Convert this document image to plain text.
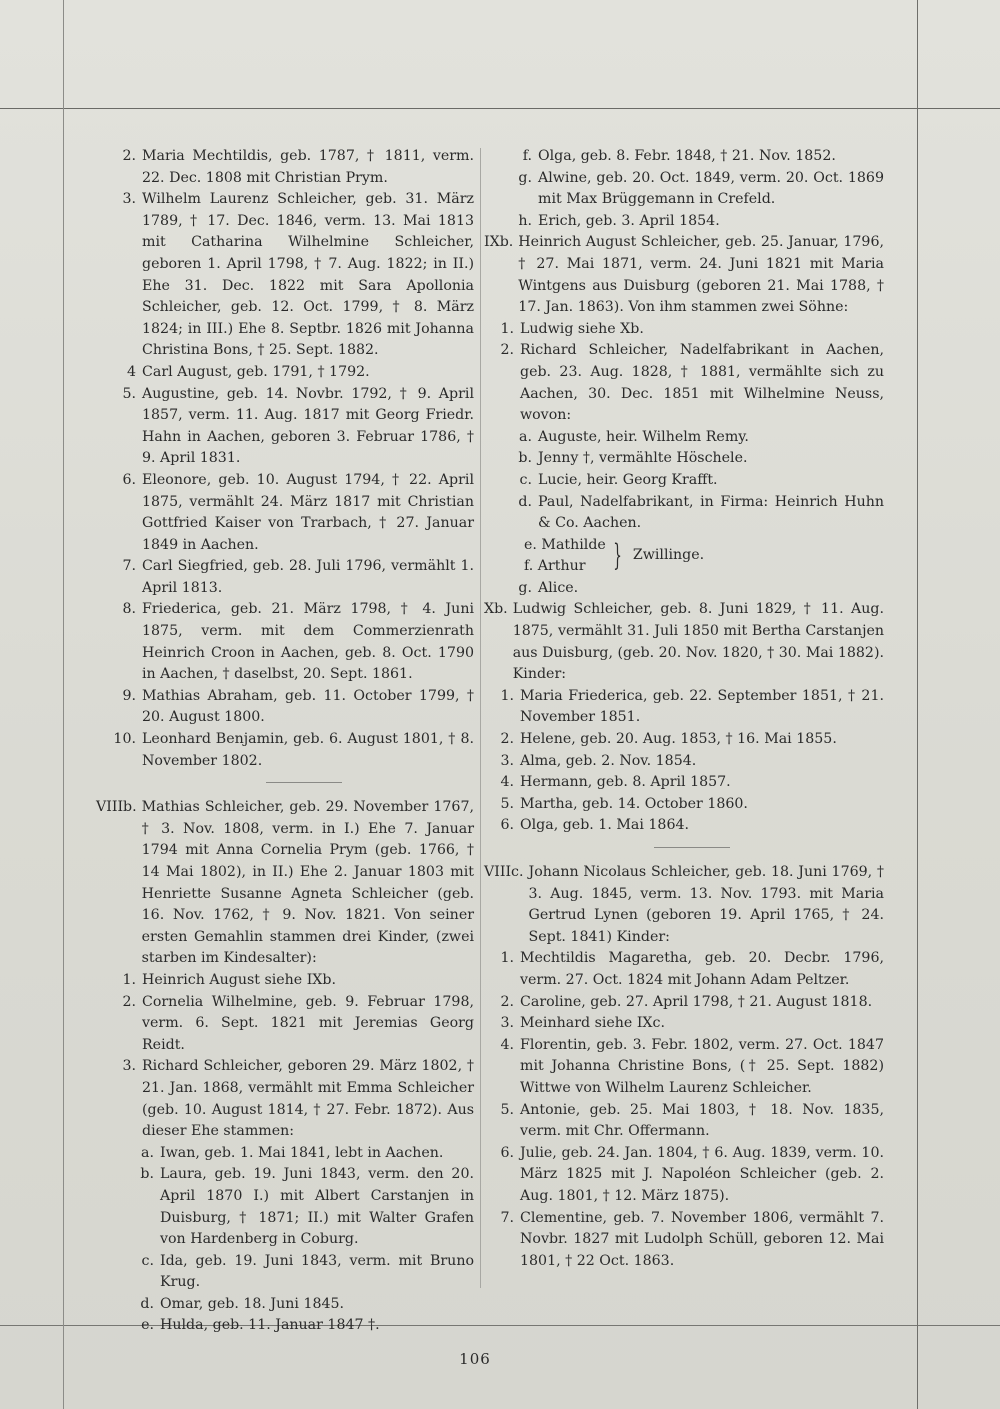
2. Maria Mechtildis, geb. 1787, † 1811, verm. 22. Dec. 1808 mit Christian Prym.
3. Wilhelm Laurenz Schleicher, geb. 31. März 1789, † 17. Dec. 1846, verm. 13. Mai 1813 mit Catharina Wilhelmine Schleicher, geboren 1. April 1798, † 7. Aug. 1822; in II.) Ehe 31. Dec. 1822 mit Sara Apollonia Schleicher, geb. 12. Oct. 1799, † 8. März 1824; in III.) Ehe 8. Septbr. 1826 mit Johanna Christina Bons, † 25. Sept. 1882.
4 Carl August, geb. 1791, † 1792.
5. Augustine, geb. 14. Novbr. 1792, † 9. April 1857, verm. 11. Aug. 1817 mit Georg Friedr. Hahn in Aachen, geboren 3. Februar 1786, † 9. April 1831.
6. Eleonore, geb. 10. August 1794, † 22. April 1875, vermählt 24. März 1817 mit Christian Gottfried Kaiser von Trarbach, † 27. Januar 1849 in Aachen.
7. Carl Siegfried, geb. 28. Juli 1796, vermählt 1. April 1813.
8. Friederica, geb. 21. März 1798, † 4. Juni 1875, verm. mit dem Commerzienrath Heinrich Croon in Aachen, geb. 8. Oct. 1790 in Aachen, † daselbst, 20. Sept. 1861.
9. Mathias Abraham, geb. 11. October 1799, † 20. August 1800.
10. Leonhard Benjamin, geb. 6. August 1801, † 8. November 1802.
VIIIb. Mathias Schleicher, geb. 29. November 1767, † 3. Nov. 1808, verm. in I.) Ehe 7. Januar 1794 mit Anna Cornelia Prym (geb. 1766, † 14 Mai 1802), in II.) Ehe 2. Januar 1803 mit Henriette Susanne Agneta Schleicher (geb. 16. Nov. 1762, † 9. Nov. 1821. Von seiner ersten Gemahlin stammen drei Kinder, (zwei starben im Kindesalter):
1. Heinrich August siehe IXb.
2. Cornelia Wilhelmine, geb. 9. Februar 1798, verm. 6. Sept. 1821 mit Jeremias Georg Reidt.
3. Richard Schleicher, geboren 29. März 1802, † 21. Jan. 1868, vermählt mit Emma Schleicher (geb. 10. August 1814, † 27. Febr. 1872). Aus dieser Ehe stammen:
a. Iwan, geb. 1. Mai 1841, lebt in Aachen.
b. Laura, geb. 19. Juni 1843, verm. den 20. April 1870 I.) mit Albert Carstanjen in Duisburg, † 1871; II.) mit Walter Grafen von Hardenberg in Coburg.
c. Ida, geb. 19. Juni 1843, verm. mit Bruno Krug.
d. Omar, geb. 18. Juni 1845.
e. Hulda, geb. 11. Januar 1847 †.
f. Olga, geb. 8. Febr. 1848, † 21. Nov. 1852.
g. Alwine, geb. 20. Oct. 1849, verm. 20. Oct. 1869 mit Max Brüggemann in Crefeld.
h. Erich, geb. 3. April 1854.
IXb. Heinrich August Schleicher, geb. 25. Januar, 1796, † 27. Mai 1871, verm. 24. Juni 1821 mit Maria Wintgens aus Duisburg (geboren 21. Mai 1788, † 17. Jan. 1863). Von ihm stammen zwei Söhne:
1. Ludwig siehe Xb.
2. Richard Schleicher, Nadelfabrikant in Aachen, geb. 23. Aug. 1828, † 1881, vermählte sich zu Aachen, 30. Dec. 1851 mit Wilhelmine Neuss, wovon:
a. Auguste, heir. Wilhelm Remy.
b. Jenny †, vermählte Höschele.
c. Lucie, heir. Georg Krafft.
d. Paul, Nadelfabrikant, in Firma: Heinrich Huhn & Co. Aachen.
e. Mathilde
f. Arthur } Zwillinge.
g. Alice.
Xb. Ludwig Schleicher, geb. 8. Juni 1829, † 11. Aug. 1875, vermählt 31. Juli 1850 mit Bertha Carstanjen aus Duisburg, (geb. 20. Nov. 1820, † 30. Mai 1882). Kinder:
1. Maria Friederica, geb. 22. September 1851, † 21. November 1851.
2. Helene, geb. 20. Aug. 1853, † 16. Mai 1855.
3. Alma, geb. 2. Nov. 1854.
4. Hermann, geb. 8. April 1857.
5. Martha, geb. 14. October 1860.
6. Olga, geb. 1. Mai 1864.
VIIIc. Johann Nicolaus Schleicher, geb. 18. Juni 1769, † 3. Aug. 1845, verm. 13. Nov. 1793. mit Maria Gertrud Lynen (geboren 19. April 1765, † 24. Sept. 1841) Kinder:
1. Mechtildis Magaretha, geb. 20. Decbr. 1796, verm. 27. Oct. 1824 mit Johann Adam Peltzer.
2. Caroline, geb. 27. April 1798, † 21. August 1818.
3. Meinhard siehe IXc.
4. Florentin, geb. 3. Febr. 1802, verm. 27. Oct. 1847 mit Johanna Christine Bons, († 25. Sept. 1882) Wittwe von Wilhelm Laurenz Schleicher.
5. Antonie, geb. 25. Mai 1803, † 18. Nov. 1835, verm. mit Chr. Offermann.
6. Julie, geb. 24. Jan. 1804, † 6. Aug. 1839, verm. 10. März 1825 mit J. Napoléon Schleicher (geb. 2. Aug. 1801, † 12. März 1875).
7. Clementine, geb. 7. November 1806, vermählt 7. Novbr. 1827 mit Ludolph Schüll, geboren 12. Mai 1801, † 22 Oct. 1863.
106
